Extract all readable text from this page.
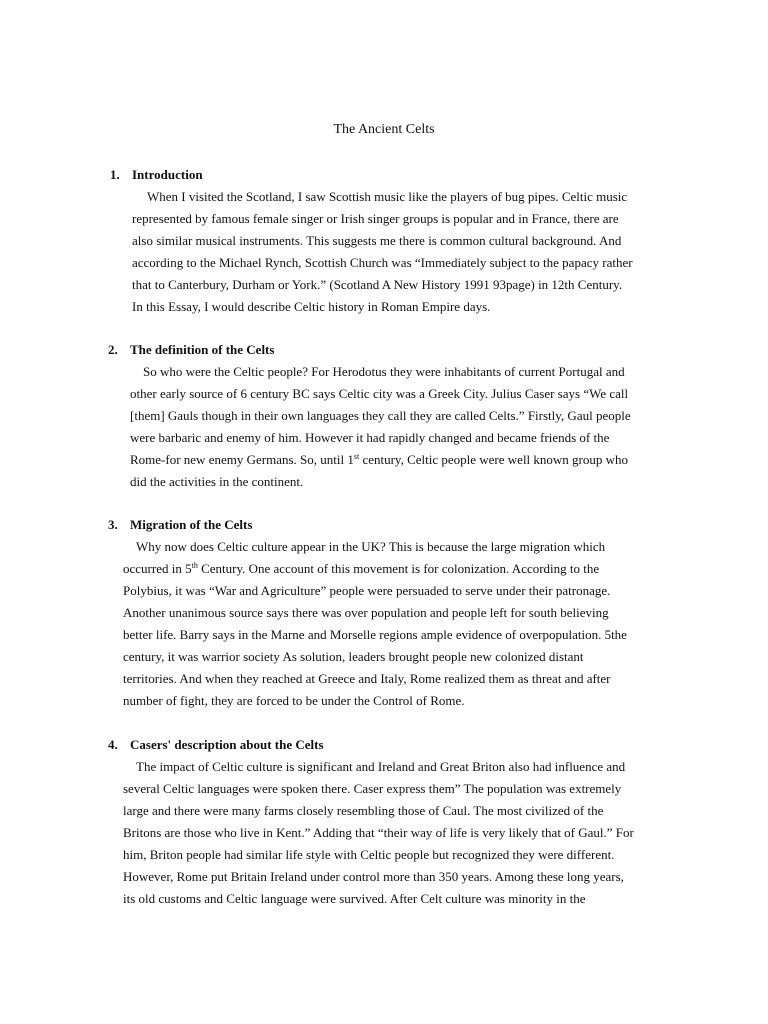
The Ancient Celts
1. Introduction
When I visited the Scotland, I saw Scottish music like the players of bug pipes. Celtic music
represented by famous female singer or Irish singer groups is popular and in France, there are
also similar musical instruments. This suggests me there is common cultural background. And
according to the Michael Rynch, Scottish Church was “Immediately subject to the papacy rather
that to Canterbury, Durham or York.” (Scotland A New History 1991 93page) in 12th Century.
In this Essay, I would describe Celtic history in Roman Empire days.
2. The definition of the Celts
So who were the Celtic people? For Herodotus they were inhabitants of current Portugal and
other early source of 6 century BC says Celtic city was a Greek City. Julius Caser says “We call
[them] Gauls though in their own languages they call they are called Celts.” Firstly, Gaul people
were barbaric and enemy of him. However it had rapidly changed and became friends of the
Rome-for new enemy Germans. So, until 1st century, Celtic people were well known group who
did the activities in the continent.
3. Migration of the Celts
Why now does Celtic culture appear in the UK? This is because the large migration which
occurred in 5th Century. One account of this movement is for colonization. According to the
Polybius, it was “War and Agriculture” people were persuaded to serve under their patronage.
Another unanimous source says there was over population and people left for south believing
better life. Barry says in the Marne and Morselle regions ample evidence of overpopulation. 5the
century, it was warrior society As solution, leaders brought people new colonized distant
territories. And when they reached at Greece and Italy, Rome realized them as threat and after
number of fight, they are forced to be under the Control of Rome.
4. Casers' description about the Celts
The impact of Celtic culture is significant and Ireland and Great Briton also had influence and
several Celtic languages were spoken there. Caser express them” The population was extremely
large and there were many farms closely resembling those of Caul. The most civilized of the
Britons are those who live in Kent.” Adding that “their way of life is very likely that of Gaul.” For
him, Briton people had similar life style with Celtic people but recognized they were different.
However, Rome put Britain Ireland under control more than 350 years. Among these long years,
its old customs and Celtic language were survived. After Celt culture was minority in the
